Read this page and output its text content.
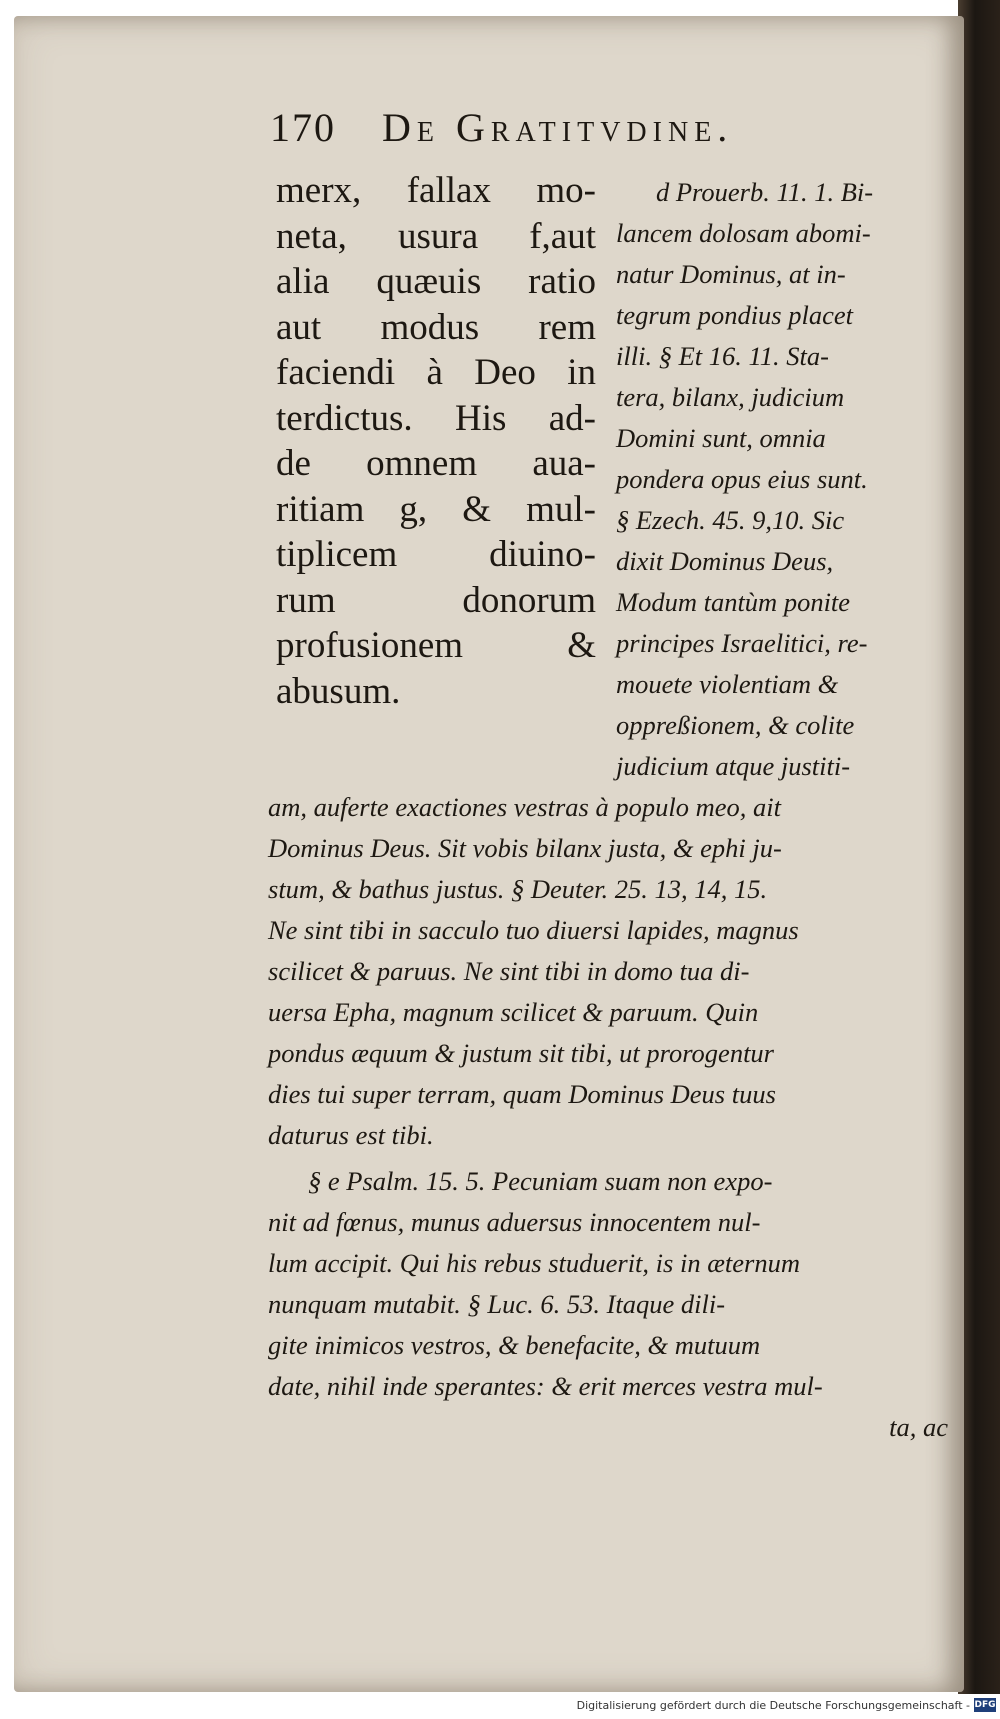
170 De Gratitvdine.
merx, fallax mo-
neta, usura f,aut
alia quæuis ratio
aut modus rem
faciendi à Deo in
terdictus. His ad-
de omnem aua-
ritiam g, & mul-
tiplicem diuino-
rum donorum
profusionem &
abusum.
d Prouerb. 11. 1. Bi-
lancem dolosam abomi-
natur Dominus, at in-
tegrum pondius placet
illi. § Et 16. 11. Sta-
tera, bilanx, judicium
Domini sunt, omnia
pondera opus eius sunt.
§ Ezech. 45. 9,10. Sic
dixit Dominus Deus,
Modum tantùm ponite
principes Israelitici, re-
mouete violentiam &
oppreßionem, & colite
judicium atque justiti-
am, auferte exactiones vestras à populo meo, ait
Dominus Deus. Sit vobis bilanx justa, & ephi ju-
stum, & bathus justus. § Deuter. 25. 13, 14, 15.
Ne sint tibi in sacculo tuo diuersi lapides, magnus
scilicet & paruus. Ne sint tibi in domo tua di-
uersa Epha, magnum scilicet & paruum. Quin
pondus æquum & justum sit tibi, ut prorogentur
dies tui super terram, quam Dominus Deus tuus
daturus est tibi.
§ e Psalm. 15. 5. Pecuniam suam non expo-
nit ad fœnus, munus aduersus innocentem nul-
lum accipit. Qui his rebus studuerit, is in æternum
nunquam mutabit. § Luc. 6. 53. Itaque dili-
gite inimicos vestros, & benefacite, & mutuum
date, nihil inde sperantes: & erit merces vestra mul-
ta, ac
Digitalisierung gefördert durch die Deutsche Forschungsgemeinschaft - DFG
